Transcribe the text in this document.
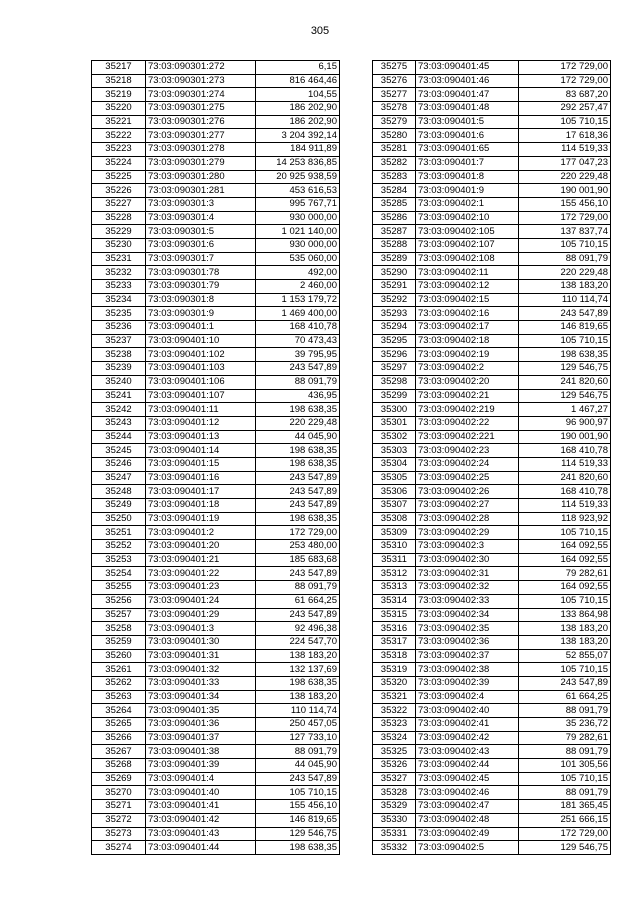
305
35217	73:03:090301:272	6,15
35218	73:03:090301:273	816 464,46
35219	73:03:090301:274	104,55
35220	73:03:090301:275	186 202,90
35221	73:03:090301:276	186 202,90
35222	73:03:090301:277	3 204 392,14
35223	73:03:090301:278	184 911,89
35224	73:03:090301:279	14 253 836,85
35225	73:03:090301:280	20 925 938,59
35226	73:03:090301:281	453 616,53
35227	73:03:090301:3	995 767,71
35228	73:03:090301:4	930 000,00
35229	73:03:090301:5	1 021 140,00
35230	73:03:090301:6	930 000,00
35231	73:03:090301:7	535 060,00
35232	73:03:090301:78	492,00
35233	73:03:090301:79	2 460,00
35234	73:03:090301:8	1 153 179,72
35235	73:03:090301:9	1 469 400,00
35236	73:03:090401:1	168 410,78
35237	73:03:090401:10	70 473,43
35238	73:03:090401:102	39 795,95
35239	73:03:090401:103	243 547,89
35240	73:03:090401:106	88 091,79
35241	73:03:090401:107	436,95
35242	73:03:090401:11	198 638,35
35243	73:03:090401:12	220 229,48
35244	73:03:090401:13	44 045,90
35245	73:03:090401:14	198 638,35
35246	73:03:090401:15	198 638,35
35247	73:03:090401:16	243 547,89
35248	73:03:090401:17	243 547,89
35249	73:03:090401:18	243 547,89
35250	73:03:090401:19	198 638,35
35251	73:03:090401:2	172 729,00
35252	73:03:090401:20	253 480,00
35253	73:03:090401:21	185 683,68
35254	73:03:090401:22	243 547,89
35255	73:03:090401:23	88 091,79
35256	73:03:090401:24	61 664,25
35257	73:03:090401:29	243 547,89
35258	73:03:090401:3	92 496,38
35259	73:03:090401:30	224 547,70
35260	73:03:090401:31	138 183,20
35261	73:03:090401:32	132 137,69
35262	73:03:090401:33	198 638,35
35263	73:03:090401:34	138 183,20
35264	73:03:090401:35	110 114,74
35265	73:03:090401:36	250 457,05
35266	73:03:090401:37	127 733,10
35267	73:03:090401:38	88 091,79
35268	73:03:090401:39	44 045,90
35269	73:03:090401:4	243 547,89
35270	73:03:090401:40	105 710,15
35271	73:03:090401:41	155 456,10
35272	73:03:090401:42	146 819,65
35273	73:03:090401:43	129 546,75
35274	73:03:090401:44	198 638,35
35275	73:03:090401:45	172 729,00
35276	73:03:090401:46	172 729,00
35277	73:03:090401:47	83 687,20
35278	73:03:090401:48	292 257,47
35279	73:03:090401:5	105 710,15
35280	73:03:090401:6	17 618,36
35281	73:03:090401:65	114 519,33
35282	73:03:090401:7	177 047,23
35283	73:03:090401:8	220 229,48
35284	73:03:090401:9	190 001,90
35285	73:03:090402:1	155 456,10
35286	73:03:090402:10	172 729,00
35287	73:03:090402:105	137 837,74
35288	73:03:090402:107	105 710,15
35289	73:03:090402:108	88 091,79
35290	73:03:090402:11	220 229,48
35291	73:03:090402:12	138 183,20
35292	73:03:090402:15	110 114,74
35293	73:03:090402:16	243 547,89
35294	73:03:090402:17	146 819,65
35295	73:03:090402:18	105 710,15
35296	73:03:090402:19	198 638,35
35297	73:03:090402:2	129 546,75
35298	73:03:090402:20	241 820,60
35299	73:03:090402:21	129 546,75
35300	73:03:090402:219	1 467,27
35301	73:03:090402:22	96 900,97
35302	73:03:090402:221	190 001,90
35303	73:03:090402:23	168 410,78
35304	73:03:090402:24	114 519,33
35305	73:03:090402:25	241 820,60
35306	73:03:090402:26	168 410,78
35307	73:03:090402:27	114 519,33
35308	73:03:090402:28	118 923,92
35309	73:03:090402:29	105 710,15
35310	73:03:090402:3	164 092,55
35311	73:03:090402:30	164 092,55
35312	73:03:090402:31	79 282,61
35313	73:03:090402:32	164 092,55
35314	73:03:090402:33	105 710,15
35315	73:03:090402:34	133 864,98
35316	73:03:090402:35	138 183,20
35317	73:03:090402:36	138 183,20
35318	73:03:090402:37	52 855,07
35319	73:03:090402:38	105 710,15
35320	73:03:090402:39	243 547,89
35321	73:03:090402:4	61 664,25
35322	73:03:090402:40	88 091,79
35323	73:03:090402:41	35 236,72
35324	73:03:090402:42	79 282,61
35325	73:03:090402:43	88 091,79
35326	73:03:090402:44	101 305,56
35327	73:03:090402:45	105 710,15
35328	73:03:090402:46	88 091,79
35329	73:03:090402:47	181 365,45
35330	73:03:090402:48	251 666,15
35331	73:03:090402:49	172 729,00
35332	73:03:090402:5	129 546,75
